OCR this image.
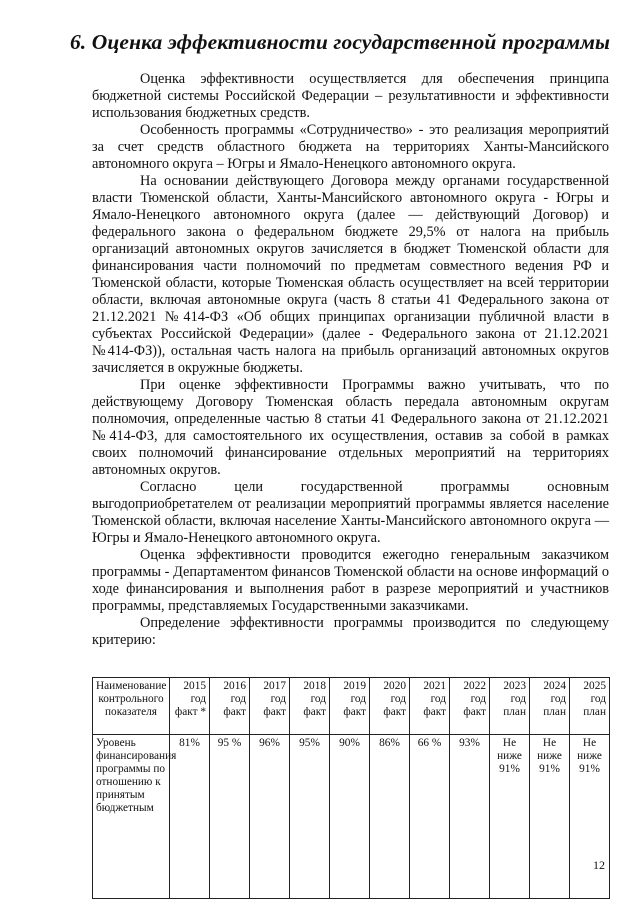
6. Оценка эффективности государственной программы

Оценка эффективности осуществляется для обеспечения принципа бюджетной системы Российской Федерации – результативности и эффективности использования бюджетных средств.

Особенность программы «Сотрудничество» - это реализация мероприятий за счет средств областного бюджета на территориях Ханты-Мансийского автономного округа – Югры и Ямало-Ненецкого автономного округа.

На основании действующего Договора между органами государственной власти Тюменской области, Ханты-Мансийского автономного округа - Югры и Ямало-Ненецкого автономного округа (далее — действующий Договор) и федерального закона о федеральном бюджете 29,5% от налога на прибыль организаций автономных округов зачисляется в бюджет Тюменской области для финансирования части полномочий по предметам совместного ведения РФ и Тюменской области, которые Тюменская область осуществляет на всей территории области, включая автономные округа (часть 8 статьи 41 Федерального закона от 21.12.2021 №414-ФЗ «Об общих принципах организации публичной власти в субъектах Российской Федерации» (далее - Федерального закона от 21.12.2021 №414-ФЗ)), остальная часть налога на прибыль организаций автономных округов зачисляется в окружные бюджеты.

При оценке эффективности Программы важно учитывать, что по действующему Договору Тюменская область передала автономным округам полномочия, определенные частью 8 статьи 41 Федерального закона от 21.12.2021 №414-ФЗ, для самостоятельного их осуществления, оставив за собой в рамках своих полномочий финансирование отдельных мероприятий на территориях автономных округов.

Согласно цели государственной программы основным выгодоприобретателем от реализации мероприятий программы является население Тюменской области, включая население Ханты-Мансийского автономного округа — Югры и Ямало-Ненецкого автономного округа.

Оценка эффективности проводится ежегодно генеральным заказчиком программы - Департаментом финансов Тюменской области на основе информаций о ходе финансирования и выполнения работ в разрезе мероприятий и участников программы, представляемых Государственными заказчиками.

Определение эффективности программы производится по следующему критерию:

Наименование контрольного показателя	2015 год факт *	2016 год факт	2017 год факт	2018 год факт	2019 год факт	2020 год факт	2021 год факт	2022 год факт	2023 год план	2024 год план	2025 год план
Уровень финансирования программы по отношению к принятым бюджетным	81%	95 %	96%	95%	90%	86%	66 %	93%	Не ниже 91%	Не ниже 91%	Не ниже 91%
12
